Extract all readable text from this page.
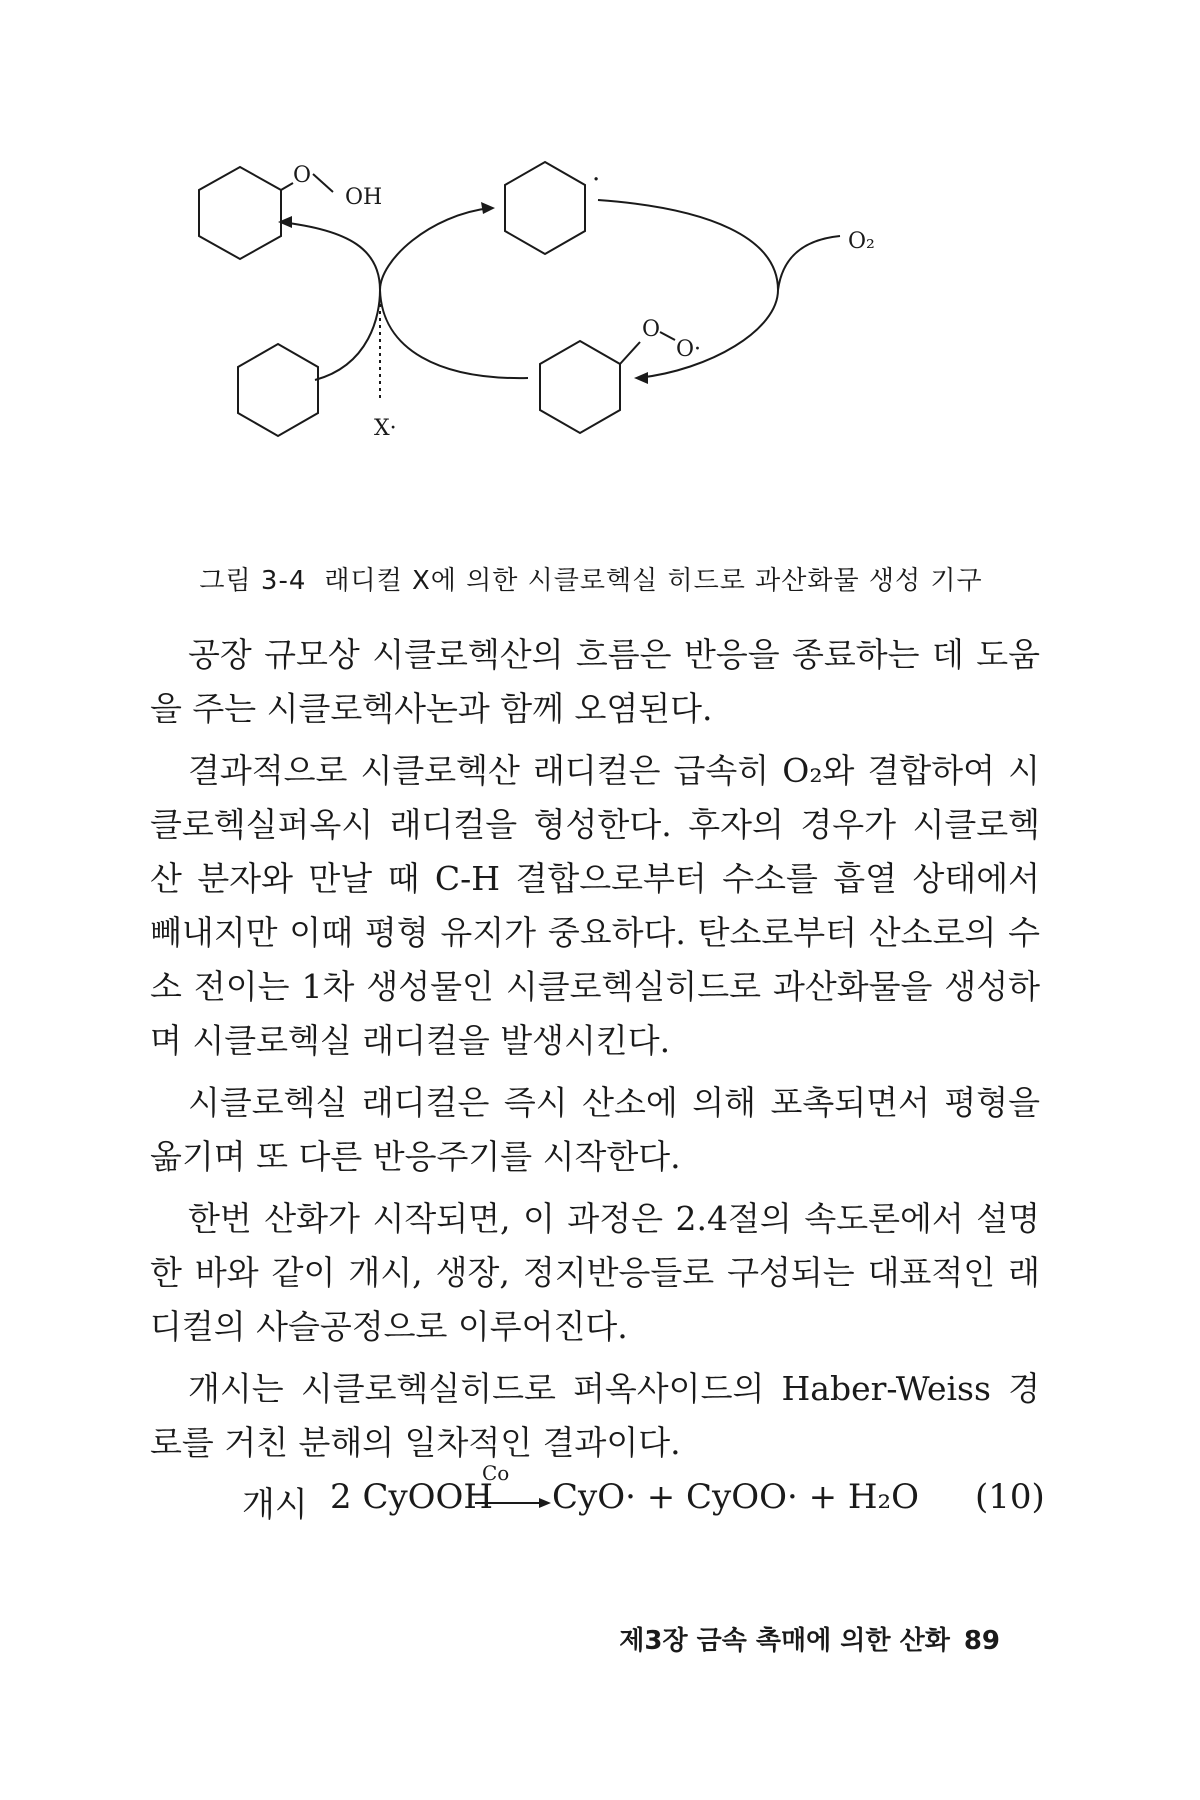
O
OH
·
O₂
O
O·
X·
그림 3-4 래디컬 X에 의한 시클로헥실 히드로 과산화물 생성 기구

공장 규모상 시클로헥산의 흐름은 반응을 종료하는 데 도움을 주는 시클로헥사논과 함께 오염된다.

결과적으로 시클로헥산 래디컬은 급속히 O₂와 결합하여 시클로헥실퍼옥시 래디컬을 형성한다. 후자의 경우가 시클로헥산 분자와 만날 때 C-H 결합으로부터 수소를 흡열 상태에서 빼내지만 이때 평형 유지가 중요하다. 탄소로부터 산소로의 수소 전이는 1차 생성물인 시클로헥실히드로 과산화물을 생성하며 시클로헥실 래디컬을 발생시킨다.

시클로헥실 래디컬은 즉시 산소에 의해 포촉되면서 평형을 옮기며 또 다른 반응주기를 시작한다.

한번 산화가 시작되면, 이 과정은 2.4절의 속도론에서 설명한 바와 같이 개시, 생장, 정지반응들로 구성되는 대표적인 래디컬의 사슬공정으로 이루어진다.

개시는 시클로헥실히드로 퍼옥사이드의 Haber-Weiss 경로를 거친 분해의 일차적인 결과이다.

개시 2 CyOOH
Co
CyO· + CyOO· + H₂O (10)
제3장 금속 촉매에 의한 산화 89
